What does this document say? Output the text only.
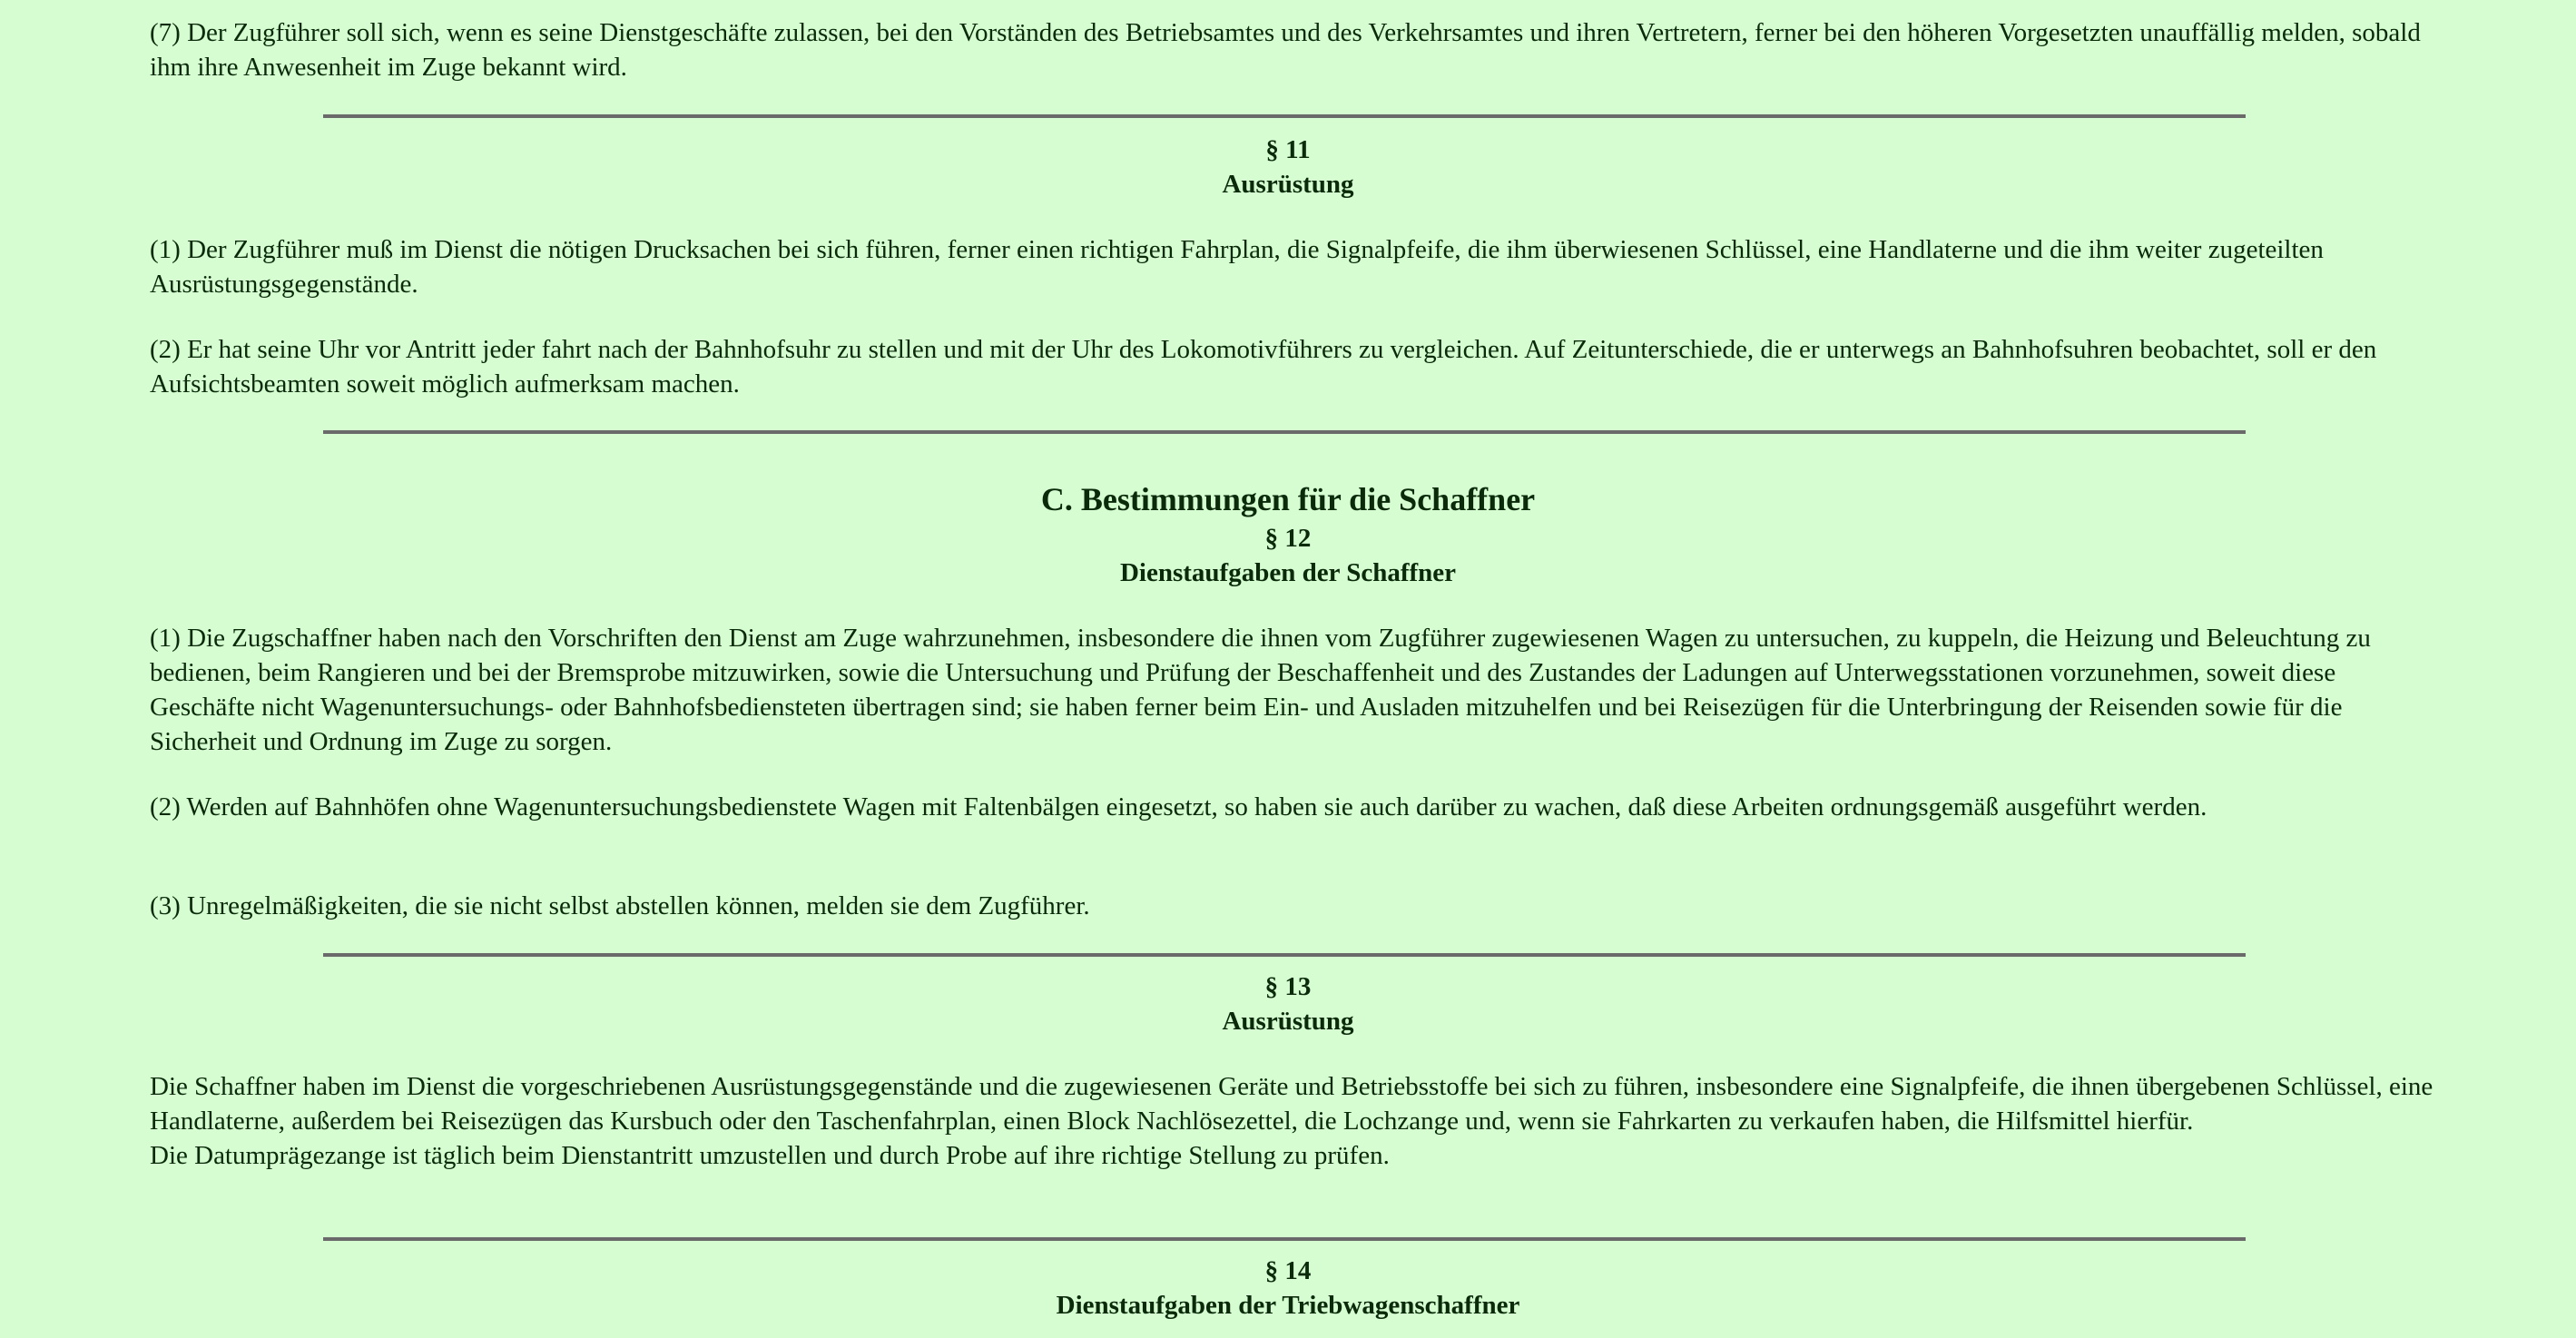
(7) Der Zugführer soll sich, wenn es seine Dienstgeschäfte zulassen, bei den Vorständen des Betriebsamtes und des Verkehrsamtes und ihren Vertretern, ferner bei den höheren Vorgesetzten unauffällig melden, sobald ihm ihre Anwesenheit im Zuge bekannt wird.

§ 11
Ausrüstung

(1) Der Zugführer muß im Dienst die nötigen Drucksachen bei sich führen, ferner einen richtigen Fahrplan, die Signalpfeife, die ihm überwiesenen Schlüssel, eine Handlaterne und die ihm weiter zugeteilten Ausrüstungsgegenstände.

(2) Er hat seine Uhr vor Antritt jeder fahrt nach der Bahnhofsuhr zu stellen und mit der Uhr des Lokomotivführers zu vergleichen. Auf Zeitunterschiede, die er unterwegs an Bahnhofsuhren beobachtet, soll er den Aufsichtsbeamten soweit möglich aufmerksam machen.

C. Bestimmungen für die Schaffner
§ 12
Dienstaufgaben der Schaffner

(1) Die Zugschaffner haben nach den Vorschriften den Dienst am Zuge wahrzunehmen, insbesondere die ihnen vom Zugführer zugewiesenen Wagen zu untersuchen, zu kuppeln, die Heizung und Beleuchtung zu bedienen, beim Rangieren und bei der Bremsprobe mitzuwirken, sowie die Untersuchung und Prüfung der Beschaffenheit und des Zustandes der Ladungen auf Unterwegsstationen vorzunehmen, soweit diese Geschäfte nicht Wagenuntersuchungs- oder Bahnhofsbediensteten übertragen sind; sie haben ferner beim Ein- und Ausladen mitzuhelfen und bei Reisezügen für die Unterbringung der Reisenden sowie für die Sicherheit und Ordnung im Zuge zu sorgen.

(2) Werden auf Bahnhöfen ohne Wagenuntersuchungsbedienstete Wagen mit Faltenbälgen eingesetzt, so haben sie auch darüber zu wachen, daß diese Arbeiten ordnungsgemäß ausgeführt werden.

(3) Unregelmäßigkeiten, die sie nicht selbst abstellen können, melden sie dem Zugführer.

§ 13
Ausrüstung

Die Schaffner haben im Dienst die vorgeschriebenen Ausrüstungsgegenstände und die zugewiesenen Geräte und Betriebsstoffe bei sich zu führen, insbesondere eine Signalpfeife, die ihnen übergebenen Schlüssel, eine Handlaterne, außerdem bei Reisezügen das Kursbuch oder den Taschenfahrplan, einen Block Nachlösezettel, die Lochzange und, wenn sie Fahrkarten zu verkaufen haben, die Hilfsmittel hierfür.

Die Datumprägezange ist täglich beim Dienstantritt umzustellen und durch Probe auf ihre richtige Stellung zu prüfen.

§ 14
Dienstaufgaben der Triebwagenschaffner
